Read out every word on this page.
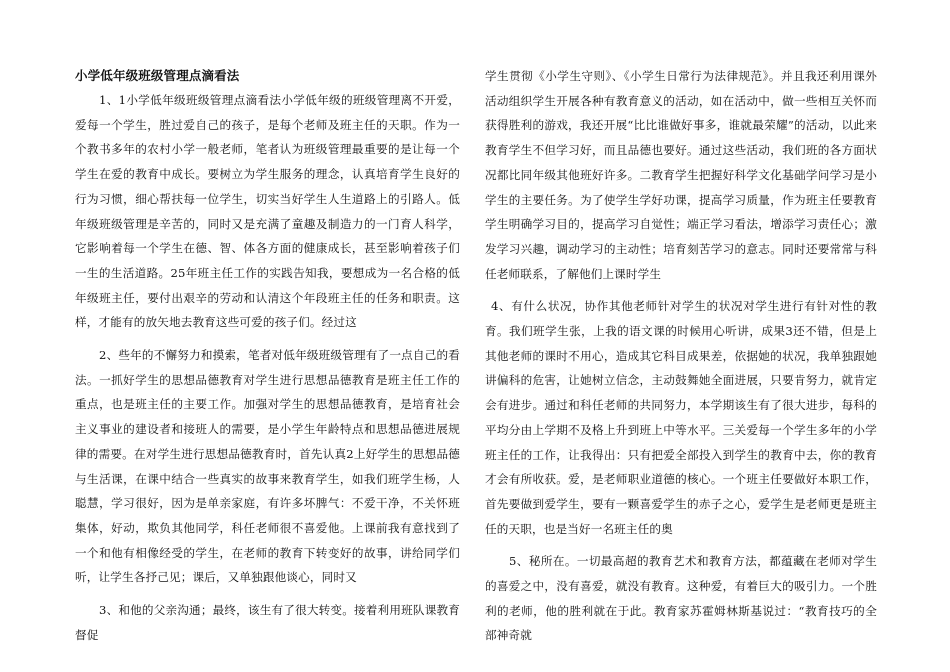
小学低年级班级管理点滴看法

1、1小学低年级班级管理点滴看法小学低年级的班级管理离不开爱，爱每一个学生，胜过爱自己的孩子，是每个老师及班主任的天职。作为一个教书多年的农村小学一般老师，笔者认为班级管理最重要的是让每一个学生在爱的教育中成长。要树立为学生服务的理念，认真培育学生良好的行为习惯，细心帮扶每一位学生，切实当好学生人生道路上的引路人。低年级班级管理是辛苦的，同时又是充满了童趣及制造力的一门育人科学，它影响着每一个学生在德、智、体各方面的健康成长，甚至影响着孩子们一生的生活道路。25年班主任工作的实践告知我，要想成为一名合格的低年级班主任，要付出艰辛的劳动和认清这个年段班主任的任务和职责。这样，才能有的放矢地去教育这些可爱的孩子们。经过这

2、些年的不懈努力和摸索，笔者对低年级班级管理有了一点自己的看法。一抓好学生的思想品德教育对学生进行思想品德教育是班主任工作的重点，也是班主任的主要工作。加强对学生的思想品德教育，是培育社会主义事业的建设者和接班人的需要，是小学生年龄特点和思想品德进展规律的需要。在对学生进行思想品德教育时，首先认真2上好学生的思想品德与生活课，在课中结合一些真实的故事来教育学生，如我们班学生杨，人聪慧，学习很好，因为是单亲家庭，有许多坏脾气：不爱干净，不关怀班集体，好动，欺负其他同学，科任老师很不喜爱他。上课前我有意找到了一个和他有相像经受的学生，在老师的教育下转变好的故事，讲给同学们听，让学生各抒己见；课后，又单独跟他谈心，同时又

3、和他的父亲沟通；最终，该生有了很大转变。接着利用班队课教育督促

学生贯彻《小学生守则》、《小学生日常行为法律规范》。并且我还利用课外活动组织学生开展各种有教育意义的活动，如在活动中，做一些相互关怀而获得胜利的游戏，我还开展“比比谁做好事多，谁就最荣耀”的活动，以此来教育学生不但学习好，而且品德也要好。通过这些活动，我们班的各方面状况都比同年级其他班好许多。二教育学生把握好科学文化基础学问学习是小学生的主要任务。为了使学生学好功课，提高学习质量，作为班主任要教育学生明确学习目的，提高学习自觉性；端正学习看法，增添学习责任心；激发学习兴趣，调动学习的主动性；培育刻苦学习的意志。同时还要常常与科任老师联系，了解他们上课时学生

4、有什么状况，协作其他老师针对学生的状况对学生进行有针对性的教育。我们班学生张，上我的语文课的时候用心听讲，成果3还不错，但是上其他老师的课时不用心，造成其它科目成果差，依据她的状况，我单独跟她讲偏科的危害，让她树立信念，主动鼓舞她全面进展，只要肯努力，就肯定会有进步。通过和科任老师的共同努力，本学期该生有了很大进步，每科的平均分由上学期不及格上升到班上中等水平。三关爱每一个学生多年的小学班主任的工作，让我得出：只有把爱全部投入到学生的教育中去，你的教育才会有所收获。爱，是老师职业道德的核心。一个班主任要做好本职工作，首先要做到爱学生，要有一颗喜爱学生的赤子之心，爱学生是老师更是班主任的天职，也是当好一名班主任的奥

5、秘所在。一切最高超的教育艺术和教育方法，都蕴藏在老师对学生的喜爱之中，没有喜爱，就没有教育。这种爱，有着巨大的吸引力。一个胜利的老师，他的胜利就在于此。教育家苏霍姆林斯基说过：“教育技巧的全部神奇就
